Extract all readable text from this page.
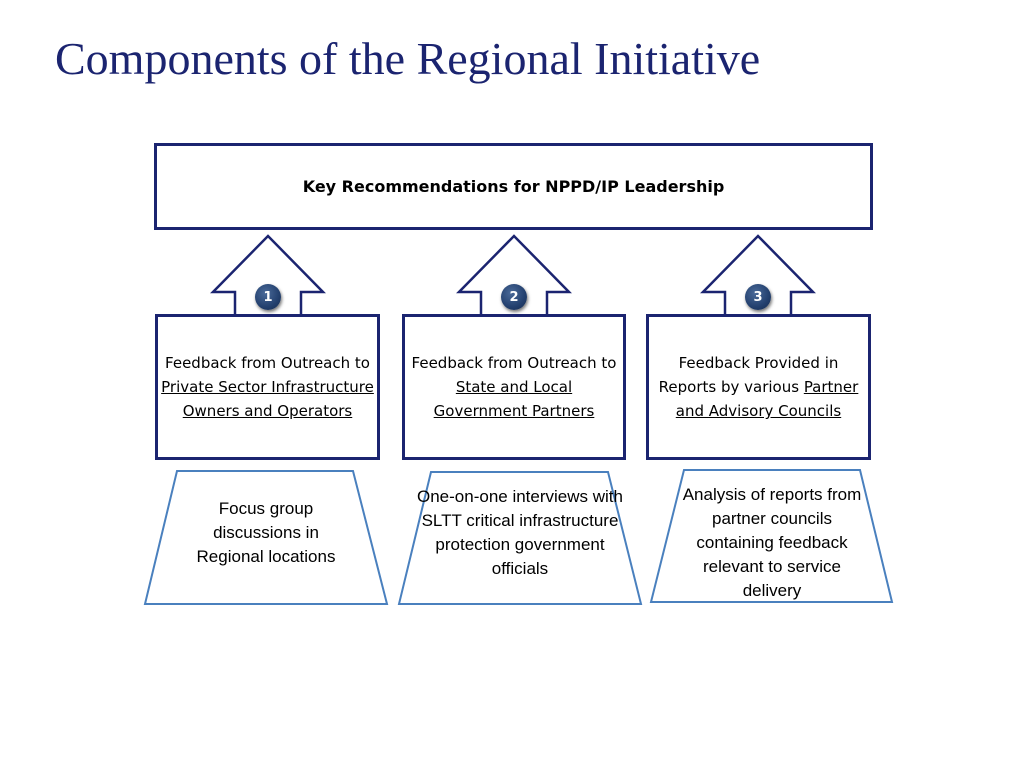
Components of the Regional Initiative
Key Recommendations for NPPD/IP Leadership
1	2	3
Feedback from Outreach to Private Sector Infrastructure Owners and Operators
Feedback from Outreach to State and Local Government Partners
Feedback Provided in Reports by various Partner and Advisory Councils
Focus group discussions in Regional locations
One-on-one interviews with SLTT critical infrastructure protection government officials
Analysis of reports from partner councils containing feedback relevant to service delivery
